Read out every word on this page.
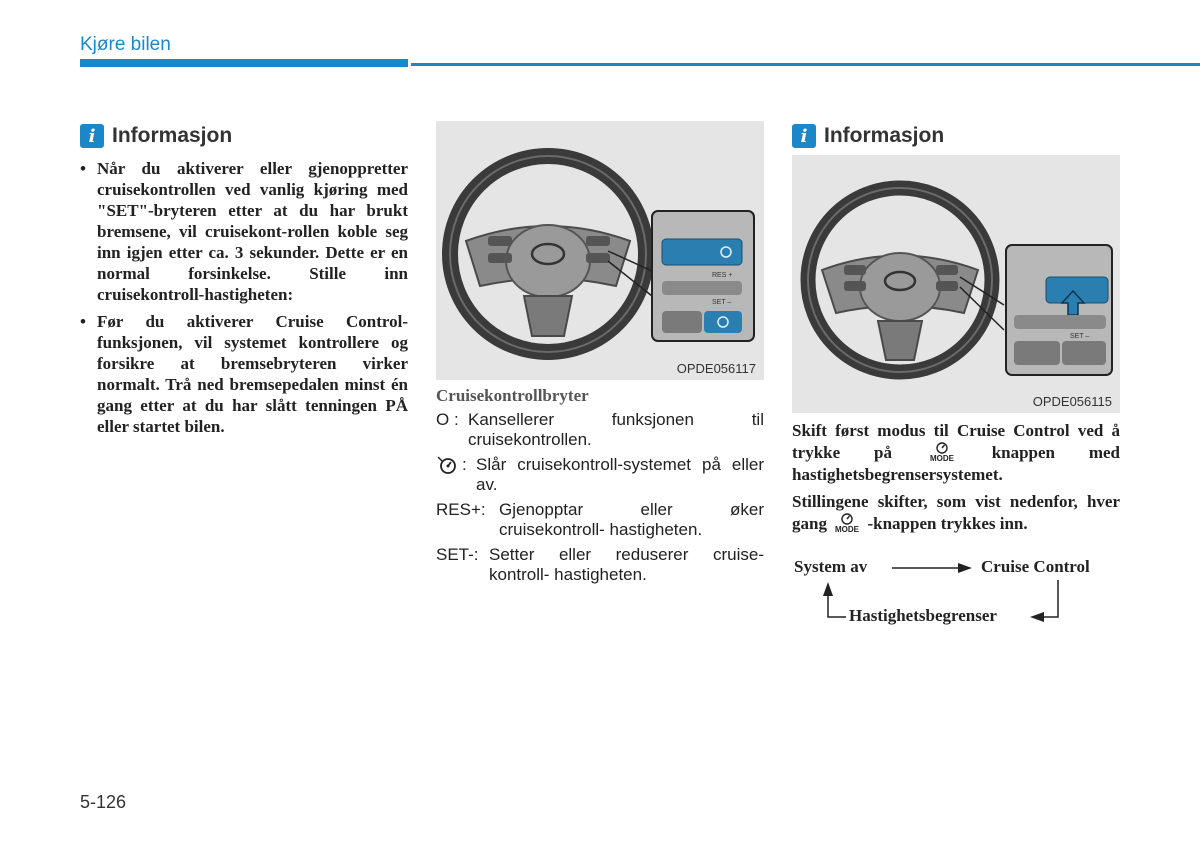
Kjøre bilen
i Informasjon
• Når du aktiverer eller gjenoppretter cruisekontrollen ved vanlig kjøring med "SET"-bryteren etter at du har brukt bremsene, vil cruisekont-rollen koble seg inn igjen etter ca. 3 sekunder. Dette er en normal forsinkelse. Stille inn cruisekontroll-hastigheten:
• Før du aktiverer Cruise Control-funksjonen, vil systemet kontrollere og forsikre at bremsebryteren virker normalt. Trå ned bremsepedalen minst én gang etter at du har slått tenningen PÅ eller startet bilen.
RES +
SET –
OPDE056117
Cruisekontrollbryter
O : Kansellerer funksjonen til cruisekontrollen.
: Slår cruisekontroll-systemet på eller av.
RES+: Gjenopptar eller øker cruisekontroll- hastigheten.
SET-: Setter eller reduserer cruise-kontroll- hastigheten.
i Informasjon
SET –
OPDE056115

Skift først modus til Cruise Control ved å trykke på	MODE knappen med hastighetsbegrensersystemet.

Stillingene skifter, som vist nedenfor, hver gang MODE -knappen trykkes inn.

System av	Cruise Control
Hastighetsbegrenser
5-126
